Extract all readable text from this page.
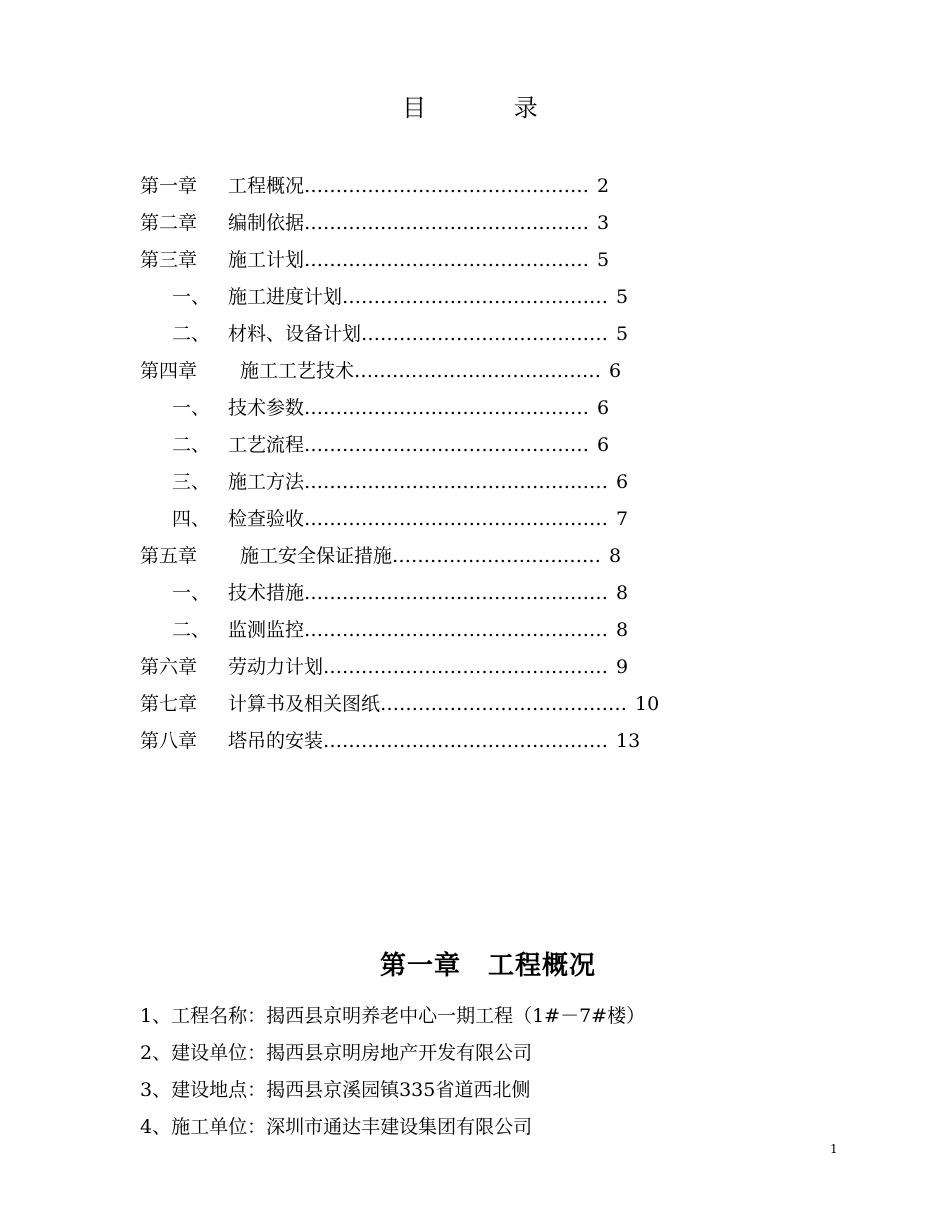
目 录
第一章	工程概况 ……………………………………… 2
第二章	编制依据 ……………………………………… 3
第三章	施工计划 ……………………………………… 5
一、 施工进度计划 …………………………………… 5
二、 材料、设备计划 ………………………………… 5
第四章	施工工艺技术 ………………………………… 6
一、 技术参数 ……………………………………… 6
二、 工艺流程 ……………………………………… 6
三、 施工方法 ………………………………………… 6
四、 检查验收 ………………………………………… 7
第五章	施工安全保证措施 …………………………… 8
一、 技术措施 ………………………………………… 8
二、 监测监控 ………………………………………… 8
第六章	劳动力计划 ……………………………………… 9
第七章	计算书及相关图纸 ………………………………… 10
第八章	塔吊的安装 ……………………………………… 13
第一章　工程概况
1、工程名称：揭西县京明养老中心一期工程（1#－7#楼）
2、建设单位：揭西县京明房地产开发有限公司
3、建设地点：揭西县京溪园镇335省道西北侧
4、施工单位：深圳市通达丰建设集团有限公司
1
